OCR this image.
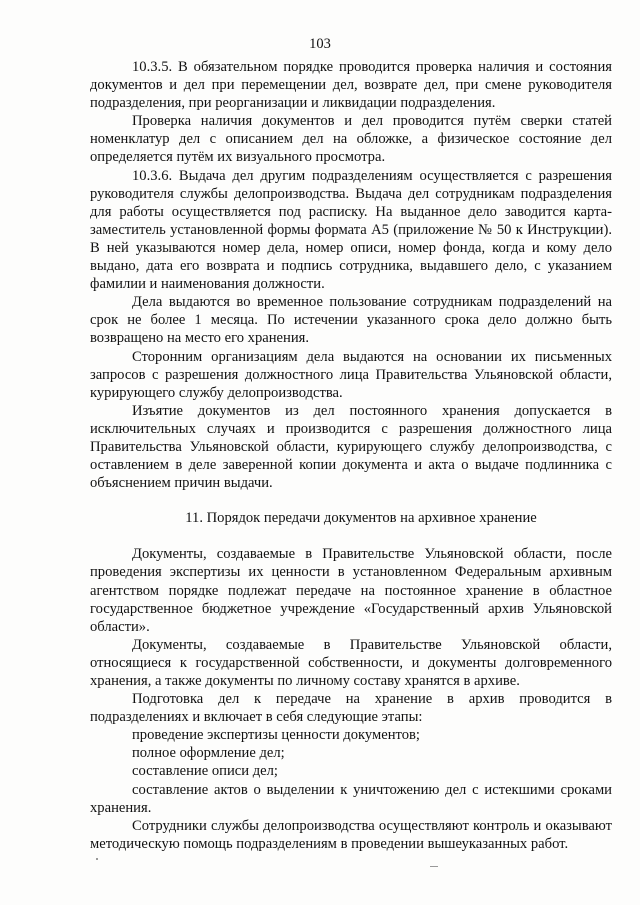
103

10.3.5. В обязательном порядке проводится проверка наличия и состояния документов и дел при перемещении дел, возврате дел, при смене руководителя подразделения, при реорганизации и ликвидации подразделения.

Проверка наличия документов и дел проводится путём сверки статей номенклатур дел с описанием дел на обложке, а физическое состояние дел определяется путём их визуального просмотра.

10.3.6. Выдача дел другим подразделениям осуществляется с разрешения руководителя службы делопроизводства. Выдача дел сотрудникам подразделения для работы осуществляется под расписку. На выданное дело заводится карта-заместитель установленной формы формата А5 (приложение № 50 к Инструкции). В ней указываются номер дела, номер описи, номер фонда, когда и кому дело выдано, дата его возврата и подпись сотрудника, выдавшего дело, с указанием фамилии и наименования должности.

Дела выдаются во временное пользование сотрудникам подразделений на срок не более 1 месяца. По истечении указанного срока дело должно быть возвращено на место его хранения.

Сторонним организациям дела выдаются на основании их письменных запросов с разрешения должностного лица Правительства Ульяновской области, курирующего службу делопроизводства.

Изъятие документов из дел постоянного хранения допускается в исключительных случаях и производится с разрешения должностного лица Правительства Ульяновской области, курирующего службу делопроизводства, с оставлением в деле заверенной копии документа и акта о выдаче подлинника с объяснением причин выдачи.

11. Порядок передачи документов на архивное хранение

Документы, создаваемые в Правительстве Ульяновской области, после проведения экспертизы их ценности в установленном Федеральным архивным агентством порядке подлежат передаче на постоянное хранение в областное государственное бюджетное учреждение «Государственный архив Ульяновской области».

Документы, создаваемые в Правительстве Ульяновской области, относящиеся к государственной собственности, и документы долговременного хранения, а также документы по личному составу хранятся в архиве.

Подготовка дел к передаче на хранение в архив проводится в подразделениях и включает в себя следующие этапы:

проведение экспертизы ценности документов;

полное оформление дел;

составление описи дел;

составление актов о выделении к уничтожению дел с истекшими сроками хранения.

Сотрудники службы делопроизводства осуществляют контроль и оказывают методическую помощь подразделениям в проведении вышеуказанных работ.
